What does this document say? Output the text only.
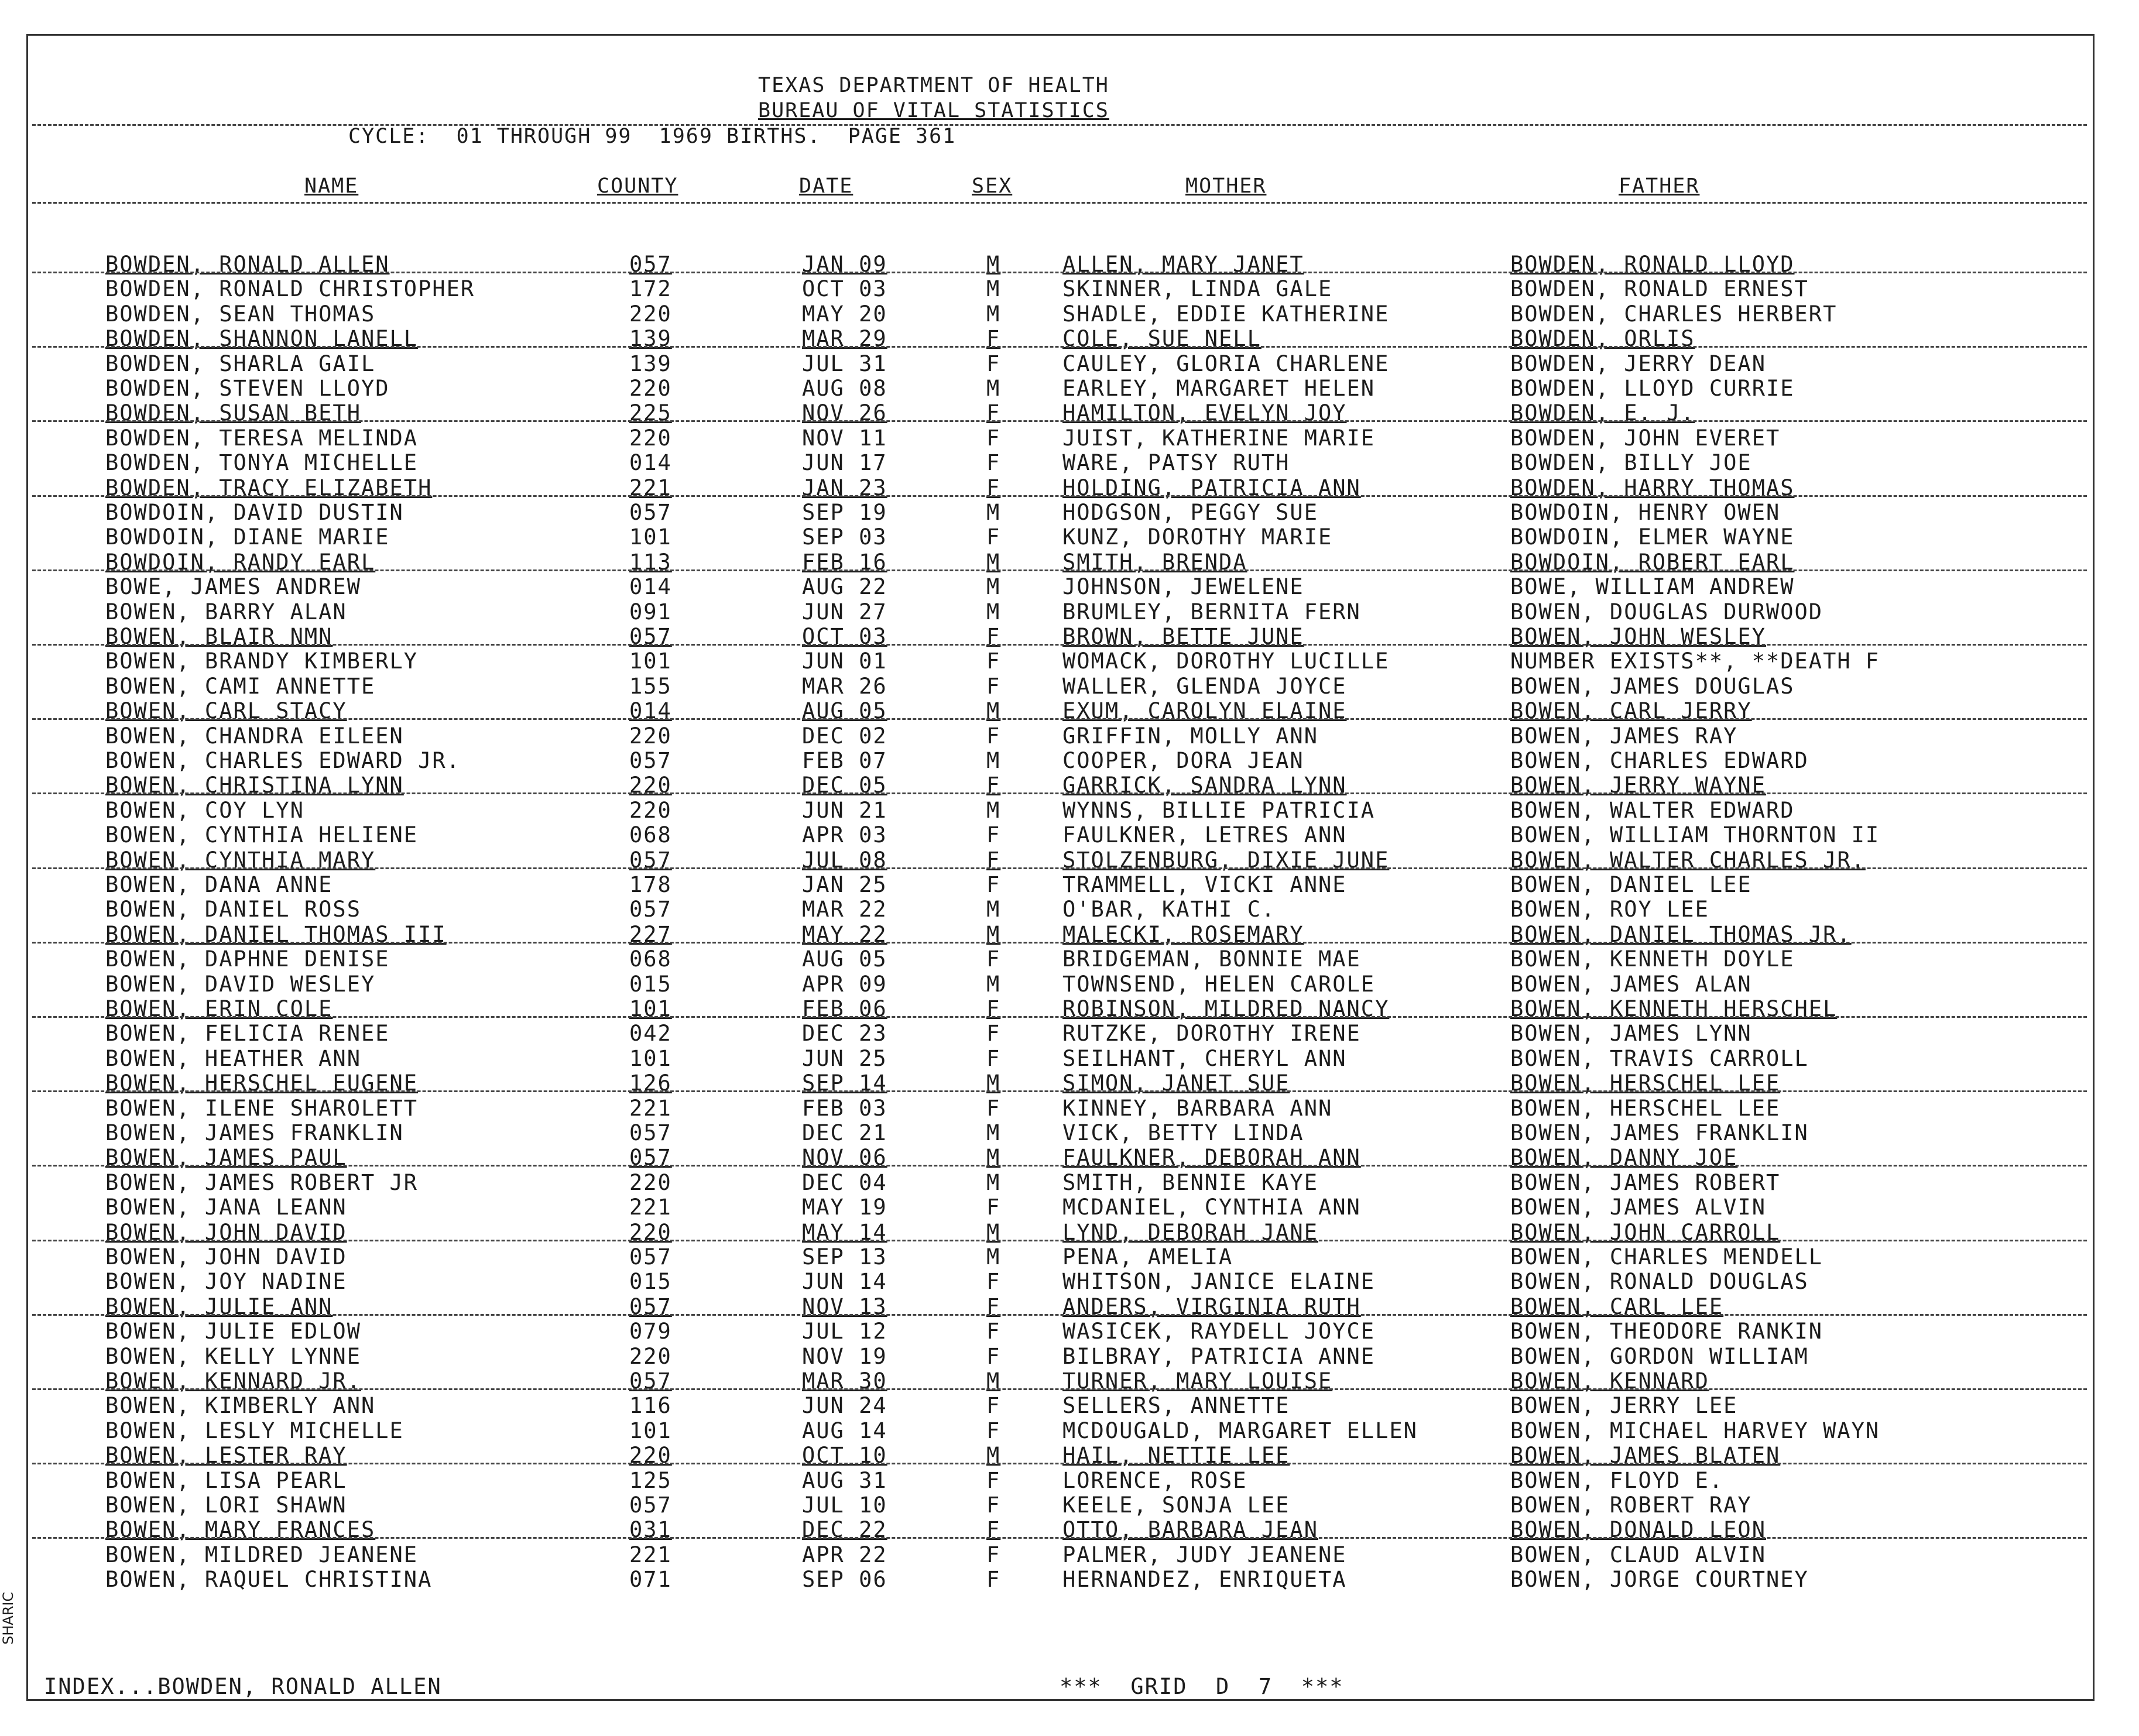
TEXAS DEPARTMENT OF HEALTH
BUREAU OF VITAL STATISTICS
CYCLE:  01 THROUGH 99  1969 BIRTHS.  PAGE 361
NAME	COUNTY	DATE	SEX	MOTHER	FATHER
BOWDEN, RONALD ALLEN	057	JAN 09	M	ALLEN, MARY JANET	BOWDEN, RONALD LLOYD
BOWDEN, RONALD CHRISTOPHER	172	OCT 03	M	SKINNER, LINDA GALE	BOWDEN, RONALD ERNEST
BOWDEN, SEAN THOMAS	220	MAY 20	M	SHADLE, EDDIE KATHERINE	BOWDEN, CHARLES HERBERT
BOWDEN, SHANNON LANELL	139	MAR 29	F	COLE, SUE NELL	BOWDEN, ORLIS
BOWDEN, SHARLA GAIL	139	JUL 31	F	CAULEY, GLORIA CHARLENE	BOWDEN, JERRY DEAN
BOWDEN, STEVEN LLOYD	220	AUG 08	M	EARLEY, MARGARET HELEN	BOWDEN, LLOYD CURRIE
BOWDEN, SUSAN BETH	225	NOV 26	F	HAMILTON, EVELYN JOY	BOWDEN, E. J.
BOWDEN, TERESA MELINDA	220	NOV 11	F	JUIST, KATHERINE MARIE	BOWDEN, JOHN EVERET
BOWDEN, TONYA MICHELLE	014	JUN 17	F	WARE, PATSY RUTH	BOWDEN, BILLY JOE
BOWDEN, TRACY ELIZABETH	221	JAN 23	F	HOLDING, PATRICIA ANN	BOWDEN, HARRY THOMAS
BOWDOIN, DAVID DUSTIN	057	SEP 19	M	HODGSON, PEGGY SUE	BOWDOIN, HENRY OWEN
BOWDOIN, DIANE MARIE	101	SEP 03	F	KUNZ, DOROTHY MARIE	BOWDOIN, ELMER WAYNE
BOWDOIN, RANDY EARL	113	FEB 16	M	SMITH, BRENDA	BOWDOIN, ROBERT EARL
BOWE, JAMES ANDREW	014	AUG 22	M	JOHNSON, JEWELENE	BOWE, WILLIAM ANDREW
BOWEN, BARRY ALAN	091	JUN 27	M	BRUMLEY, BERNITA FERN	BOWEN, DOUGLAS DURWOOD
BOWEN, BLAIR NMN	057	OCT 03	F	BROWN, BETTE JUNE	BOWEN, JOHN WESLEY
BOWEN, BRANDY KIMBERLY	101	JUN 01	F	WOMACK, DOROTHY LUCILLE	NUMBER EXISTS**, **DEATH F
BOWEN, CAMI ANNETTE	155	MAR 26	F	WALLER, GLENDA JOYCE	BOWEN, JAMES DOUGLAS
BOWEN, CARL STACY	014	AUG 05	M	EXUM, CAROLYN ELAINE	BOWEN, CARL JERRY
BOWEN, CHANDRA EILEEN	220	DEC 02	F	GRIFFIN, MOLLY ANN	BOWEN, JAMES RAY
BOWEN, CHARLES EDWARD JR.	057	FEB 07	M	COOPER, DORA JEAN	BOWEN, CHARLES EDWARD
BOWEN, CHRISTINA LYNN	220	DEC 05	F	GARRICK, SANDRA LYNN	BOWEN, JERRY WAYNE
BOWEN, COY LYN	220	JUN 21	M	WYNNS, BILLIE PATRICIA	BOWEN, WALTER EDWARD
BOWEN, CYNTHIA HELIENE	068	APR 03	F	FAULKNER, LETRES ANN	BOWEN, WILLIAM THORNTON II
BOWEN, CYNTHIA MARY	057	JUL 08	F	STOLZENBURG, DIXIE JUNE	BOWEN, WALTER CHARLES JR.
BOWEN, DANA ANNE	178	JAN 25	F	TRAMMELL, VICKI ANNE	BOWEN, DANIEL LEE
BOWEN, DANIEL ROSS	057	MAR 22	M	O'BAR, KATHI C.	BOWEN, ROY LEE
BOWEN, DANIEL THOMAS III	227	MAY 22	M	MALECKI, ROSEMARY	BOWEN, DANIEL THOMAS JR.
BOWEN, DAPHNE DENISE	068	AUG 05	F	BRIDGEMAN, BONNIE MAE	BOWEN, KENNETH DOYLE
BOWEN, DAVID WESLEY	015	APR 09	M	TOWNSEND, HELEN CAROLE	BOWEN, JAMES ALAN
BOWEN, ERIN COLE	101	FEB 06	F	ROBINSON, MILDRED NANCY	BOWEN, KENNETH HERSCHEL
BOWEN, FELICIA RENEE	042	DEC 23	F	RUTZKE, DOROTHY IRENE	BOWEN, JAMES LYNN
BOWEN, HEATHER ANN	101	JUN 25	F	SEILHANT, CHERYL ANN	BOWEN, TRAVIS CARROLL
BOWEN, HERSCHEL EUGENE	126	SEP 14	M	SIMON, JANET SUE	BOWEN, HERSCHEL LEE
BOWEN, ILENE SHAROLETT	221	FEB 03	F	KINNEY, BARBARA ANN	BOWEN, HERSCHEL LEE
BOWEN, JAMES FRANKLIN	057	DEC 21	M	VICK, BETTY LINDA	BOWEN, JAMES FRANKLIN
BOWEN, JAMES PAUL	057	NOV 06	M	FAULKNER, DEBORAH ANN	BOWEN, DANNY JOE
BOWEN, JAMES ROBERT JR	220	DEC 04	M	SMITH, BENNIE KAYE	BOWEN, JAMES ROBERT
BOWEN, JANA LEANN	221	MAY 19	F	MCDANIEL, CYNTHIA ANN	BOWEN, JAMES ALVIN
BOWEN, JOHN DAVID	220	MAY 14	M	LYND, DEBORAH JANE	BOWEN, JOHN CARROLL
BOWEN, JOHN DAVID	057	SEP 13	M	PENA, AMELIA	BOWEN, CHARLES MENDELL
BOWEN, JOY NADINE	015	JUN 14	F	WHITSON, JANICE ELAINE	BOWEN, RONALD DOUGLAS
BOWEN, JULIE ANN	057	NOV 13	F	ANDERS, VIRGINIA RUTH	BOWEN, CARL LEE
BOWEN, JULIE EDLOW	079	JUL 12	F	WASICEK, RAYDELL JOYCE	BOWEN, THEODORE RANKIN
BOWEN, KELLY LYNNE	220	NOV 19	F	BILBRAY, PATRICIA ANNE	BOWEN, GORDON WILLIAM
BOWEN, KENNARD JR.	057	MAR 30	M	TURNER, MARY LOUISE	BOWEN, KENNARD
BOWEN, KIMBERLY ANN	116	JUN 24	F	SELLERS, ANNETTE	BOWEN, JERRY LEE
BOWEN, LESLY MICHELLE	101	AUG 14	F	MCDOUGALD, MARGARET ELLEN	BOWEN, MICHAEL HARVEY WAYN
BOWEN, LESTER RAY	220	OCT 10	M	HAIL, NETTIE LEE	BOWEN, JAMES BLATEN
BOWEN, LISA PEARL	125	AUG 31	F	LORENCE, ROSE	BOWEN, FLOYD E.
BOWEN, LORI SHAWN	057	JUL 10	F	KEELE, SONJA LEE	BOWEN, ROBERT RAY
BOWEN, MARY FRANCES	031	DEC 22	F	OTTO, BARBARA JEAN	BOWEN, DONALD LEON
BOWEN, MILDRED JEANENE	221	APR 22	F	PALMER, JUDY JEANENE	BOWEN, CLAUD ALVIN
BOWEN, RAQUEL CHRISTINA	071	SEP 06	F	HERNANDEZ, ENRIQUETA	BOWEN, JORGE COURTNEY
SHARIC
INDEX...BOWDEN, RONALD ALLEN	***  GRID  D  7  ***
